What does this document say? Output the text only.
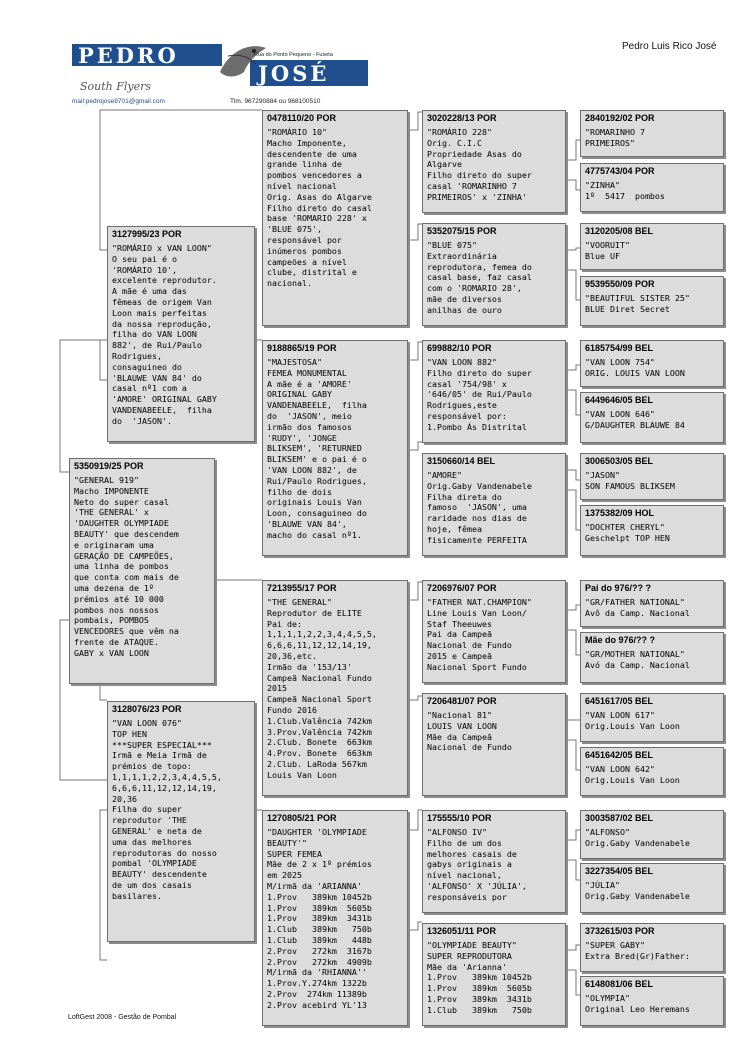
PEDRO
JOSÉ
Rua do Ponto Pequeno - Fuseta
South Flyers
mail:pedrojose8701@gmail.com	Tlm. 967290884 ou 968100510
Pedro Luis Rico José
5350919/25 POR
"GENERAL 919"
Macho IMPONENTE
Neto do super casal
'THE GENERAL' x
'DAUGHTER OLYMPIADE
BEAUTY' que descendem
e originaram uma
GERAÇÃO DE CAMPEÕES,
uma linha de pombos
que conta com mais de
uma dezena de 1º
prémios até 10 000
pombos nos nossos
pombais, POMBOS
VENCEDORES que vêm na
frente de ATAQUE.
GABY x VAN LOON
3127995/23 POR
"ROMÁRIO x VAN LOON"
O seu pai é o
'ROMÁRIO 10',
excelente reprodutor.
A mãe é uma das
fêmeas de origem Van
Loon mais perfeitas
da nossa reprodução,
filha do VAN LOON
882', de Rui/Paulo
Rodrigues,
consaguineo do
'BLAUWE VAN 84' do
casal nº1 com a
'AMORE' ORIGINAL GABY
VANDENABEELE,  filha
do  'JASON'.
3128076/23 POR
"VAN LOON 076"
TOP HEN
***SUPER ESPECIAL***
Irmã e Meia Irmã de
prémios de topo:
1,1,1,1,2,2,3,4,4,5,5,
6,6,6,11,12,12,14,19,
20,36
Filha do super
reprodutor 'THE
GENERAL' e neta de
uma das melhores
reprodutoras do nosso
pombal 'OLYMPIADE
BEAUTY' descendente
de um dos casais
basilares.
0478110/20 POR
"ROMÁRIO 10"
Macho Imponente,
descendente de uma
grande linha de
pombos vencedores a
nível nacional
Orig. Asas do Algarve
Filho direto do casal
base 'ROMARIO 228' x
'BLUE 075',
responsável por
inúmeros pombos
campeões a nível
clube, distrital e
nacional.
9188865/19 POR
"MAJESTOSA"
FEMEA MONUMENTAL
A mãe é a 'AMORE'
ORIGINAL GABY
VANDENABEELE,  filha
do  'JASON', meio
irmão dos famosos
'RUDY', 'JONGE
BLIKSEM', 'RETURNED
BLIKSEM' e o pai é o
'VAN LOON 882', de
Rui/Paulo Rodrigues,
filho de dois
originais Louis Van
Loon, consaguineo do
'BLAUWE VAN 84',
macho do casal nº1.
7213955/17 POR
"THE GENERAL"
Reprodutor de ELITE
Pai de:
1,1,1,1,2,2,3,4,4,5,5,
6,6,6,11,12,12,14,19,
20,36,etc.
Irmão da '153/13'
Campeã Nacional Fundo
2015
Campeã Nacional Sport
Fundo 2016
1.Club.Valência 742km
3.Prov.Valência 742km
2.Club. Bonete  663km
4.Prov. Bonete  663km
2.Club. LaRoda 567km
Louis Van Loon
1270805/21 POR
"DAUGHTER 'OLYMPIADE
BEAUTY'"
SUPER FEMEA
Mãe de 2 x 1º prémios
em 2025
M/irmã da 'ARIANNA'
1.Prov   389km 10452b
1.Prov   389km  5605b
1.Prov   389km  3431b
1.Club   389km   750b
1.Club   389km   448b
2.Prov   272km  3167b
2.Prov   272km  4909b
M/irmã da 'RHIANNA''
1.Prov.Y.274km 1322b
2.Prov  274km 11389b
2.Prov acebird YL'13
3020228/13 POR
"ROMÁRIO 228"
Orig. C.I.C
Propriedade Asas do
Algarve
Filho direto do super
casal 'ROMARINHO 7
PRIMEIROS' x 'ZINHA'
5352075/15 POR
"BLUE 075"
Extraordinária
reprodutora, femea do
casal base, faz casal
com o 'ROMARIO 28',
mãe de diversos
anilhas de ouro
699882/10 POR
"VAN LOON 882"
Filho direto do super
casal '754/98' x
'646/05' de Rui/Paulo
Rodrigues,este
responsável por:
1.Pombo Ás Distrital
3150660/14 BEL
"AMORE"
Orig.Gaby Vandenabele
Filha direta do
famoso  'JASON', uma
raridade nos dias de
hoje, fêmea
fisicamente PERFEITA
7206976/07 POR
"FATHER NAT.CHAMPION"
Line Louis Van Loon/
Staf Theeuwes
Pai da Campeã
Nacional de Fundo
2015 e Campeã
Nacional Sport Fundo
7206481/07 POR
"Nacional 81"
LOUIS VAN LOON
Mãe da Campeã
Nacional de Fundo
175555/10 POR
"ALFONSO IV"
Filho de um dos
melhores casais de
gabys originais a
nível nacional,
'ALFONSO' X 'JÚLIA',
responsáveis por
1326051/11 POR
"OLYMPIADE BEAUTY"
SUPER REPRODUTORA
Mãe da 'Arianna'
1.Prov   389km 10452b
1.Prov   389km  5605b
1.Prov   389km  3431b
1.Club   389km   750b
2840192/02 POR
"ROMARINHO 7
PRIMEIROS"
4775743/04 POR
"ZINHA"
1º  5417  pombos
3120205/08 BEL
"VOORUIT"
Blue UF
9539550/09 POR
"BEAUTIFUL SISTER 25"
BLUE Diret Secret
6185754/99 BEL
"VAN LOON 754"
ORIG. LOUIS VAN LOON
6449646/05 BEL
"VAN LOON 646"
G/DAUGHTER BLAUWE 84
3006503/05 BEL
"JASON"
SON FAMOUS BLIKSEM
1375382/09 HOL
"DOCHTER CHERYL"
Geschelpt TOP HEN
Pai do 976/?? ?
"GR/FATHER NATIONAL"
Avô da Camp. Nacional
Mãe do 976/?? ?
"GR/MOTHER NATIONAL"
Avó da Camp. Nacional
6451617/05 BEL
"VAN LOON 617"
Orig.Louis Van Loon
6451642/05 BEL
"VAN LOON 642"
Orig.Louis Van Loon
3003587/02 BEL
"ALFONSO"
Orig.Gaby Vandenabele
3227354/05 BEL
"JÚLIA"
Orig.Gaby Vandenabele
3732615/03 POR
"SUPER GABY"
Extra Bred(Gr)Father:
6148081/06 BEL
"OLYMPIA"
Original Leo Heremans
LoftGest 2008 - Gestão de Pombal
